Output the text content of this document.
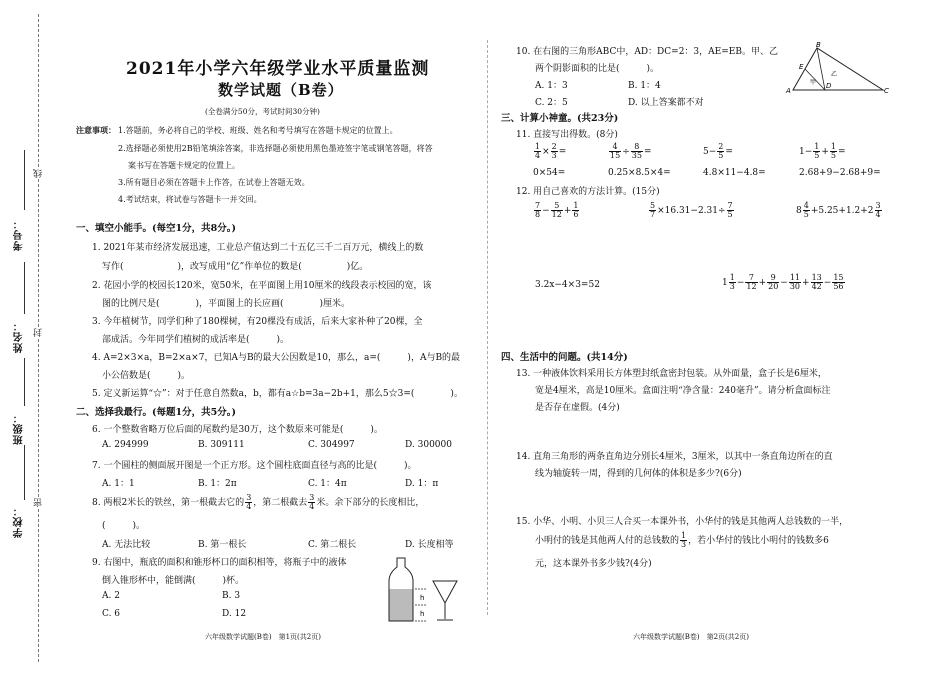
考号：
姓名：
班级：
学校：
线
封
密
2021年小学六年级学业水平质量监测
数学试题（B卷）
(全卷满分50分，考试时间30分钟)
注意事项： 1.答题前，务必将自己的学校、班级、姓名和考号填写在答题卡规定的位置上。
2.选择题必须使用2B铅笔填涂答案，非选择题必须使用黑色墨迹签字笔或钢笔答题，将答
案书写在答题卡规定的位置上。
3.所有题目必须在答题卡上作答，在试卷上答题无效。
4.考试结束，将试卷与答题卡一并交回。
一、填空小能手。(每空1分，共8分。)
1. 2021年某市经济发展迅速，工业总产值达到二十五亿三千二百万元，横线上的数
写作(　　　　　　)，改写成用“亿”作单位的数是(　　　　　)亿。
2. 花园小学的校园长120米，宽50米，在平面图上用10厘米的线段表示校园的宽，该
图的比例尺是(　　　　)，平面图上的长应画(　　　　)厘米。
3. 今年植树节，同学们种了180棵树，有20棵没有成活，后来大家补种了20棵，全
部成活。今年同学们植树的成活率是(　　　)。
4. A=2×3×a，B=2×a×7，已知A与B的最大公因数是10，那么，a=(　　　)，A与B的最
小公倍数是(　　　)。
5. 定义新运算“☆”：对于任意自然数a，b，都有a☆b=3a−2b+1，那么5☆3=(　　　　)。
二、选择我最行。(每题1分，共5分。)
6. 一个整数省略万位后面的尾数约是30万，这个数原来可能是(　　　)。
A. 294999	B. 309111	C. 304997	D. 300000
7. 一个圆柱的侧面展开图是一个正方形。这个圆柱底面直径与高的比是(　　　)。
A. 1：1	B. 1：2π	C. 1：4π	D. 1：π
8. 两根2米长的铁丝，第一根截去它的 $\frac{3}{4}$ ，第二根截去 $\frac{3}{4}$ 米。余下部分的长度相比，
(　　　)。
A. 无法比较	B. 第一根长	C. 第二根长	D. 长度相等
9. 右图中，瓶底的面积和锥形杯口的面积相等，将瓶子中的液体
倒入锥形杯中，能倒满(　　　)杯。
A. 2	B. 3
C. 6	D. 12
h
h
10. 在右图的三角形ABC中，AD：DC=2：3，AE=EB。甲、乙
两个阴影面积的比是(　　　)。
A. 1：3	B. 1：4
C. 2：5	D. 以上答案都不对
A
B
C
D
E
甲
乙
三、计算小神童。(共23分)
11. 直接写出得数。(8分)
$\frac{1}{4} \times \frac{2}{3}$ =	$\frac{4}{15} \div \frac{8}{35}$ =	$5- \frac{2}{5}$ =	$1- \frac{1}{5} + \frac{1}{5}$ =
0×54=	0.25×8.5×4=	4.8×11−4.8=	2.68+9−2.68+9=
12. 用自己喜欢的方法计算。(15分)
$\frac{7}{8} - \frac{5}{12} + \frac{1}{6}$	$\frac{5}{7} \times 16.31-2.31\div \frac{7}{5}$	$8 \frac{4}{5} +5.25+1.2+2 \frac{3}{4}$
3.2x−4×3=52	$1 \frac{1}{3} - \frac{7}{12} + \frac{9}{20} - \frac{11}{30} + \frac{13}{42} - \frac{15}{56}$
四、生活中的问题。(共14分)
13. 一种液体饮料采用长方体塑封纸盒密封包装。从外面量，盒子长是6厘米，
宽是4厘米，高是10厘米。盒面注明“净含量：240毫升”。请分析盒面标注
是否存在虚假。(4分)
14. 直角三角形的两条直角边分别长4厘米，3厘米，以其中一条直角边所在的直
线为轴旋转一周，得到的几何体的体积是多少?(6分)
15. 小华、小明、小贝三人合买一本课外书，小华付的钱是其他两人总钱数的一半，
小明付的钱是其他两人付的总钱数的 $\frac{1}{3}$ ，若小华付的钱比小明付的钱数多6
元，这本课外书多少钱?(4分)
六年级数学试题(B卷)　第1页(共2页)	六年级数学试题(B卷)　第2页(共2页)
